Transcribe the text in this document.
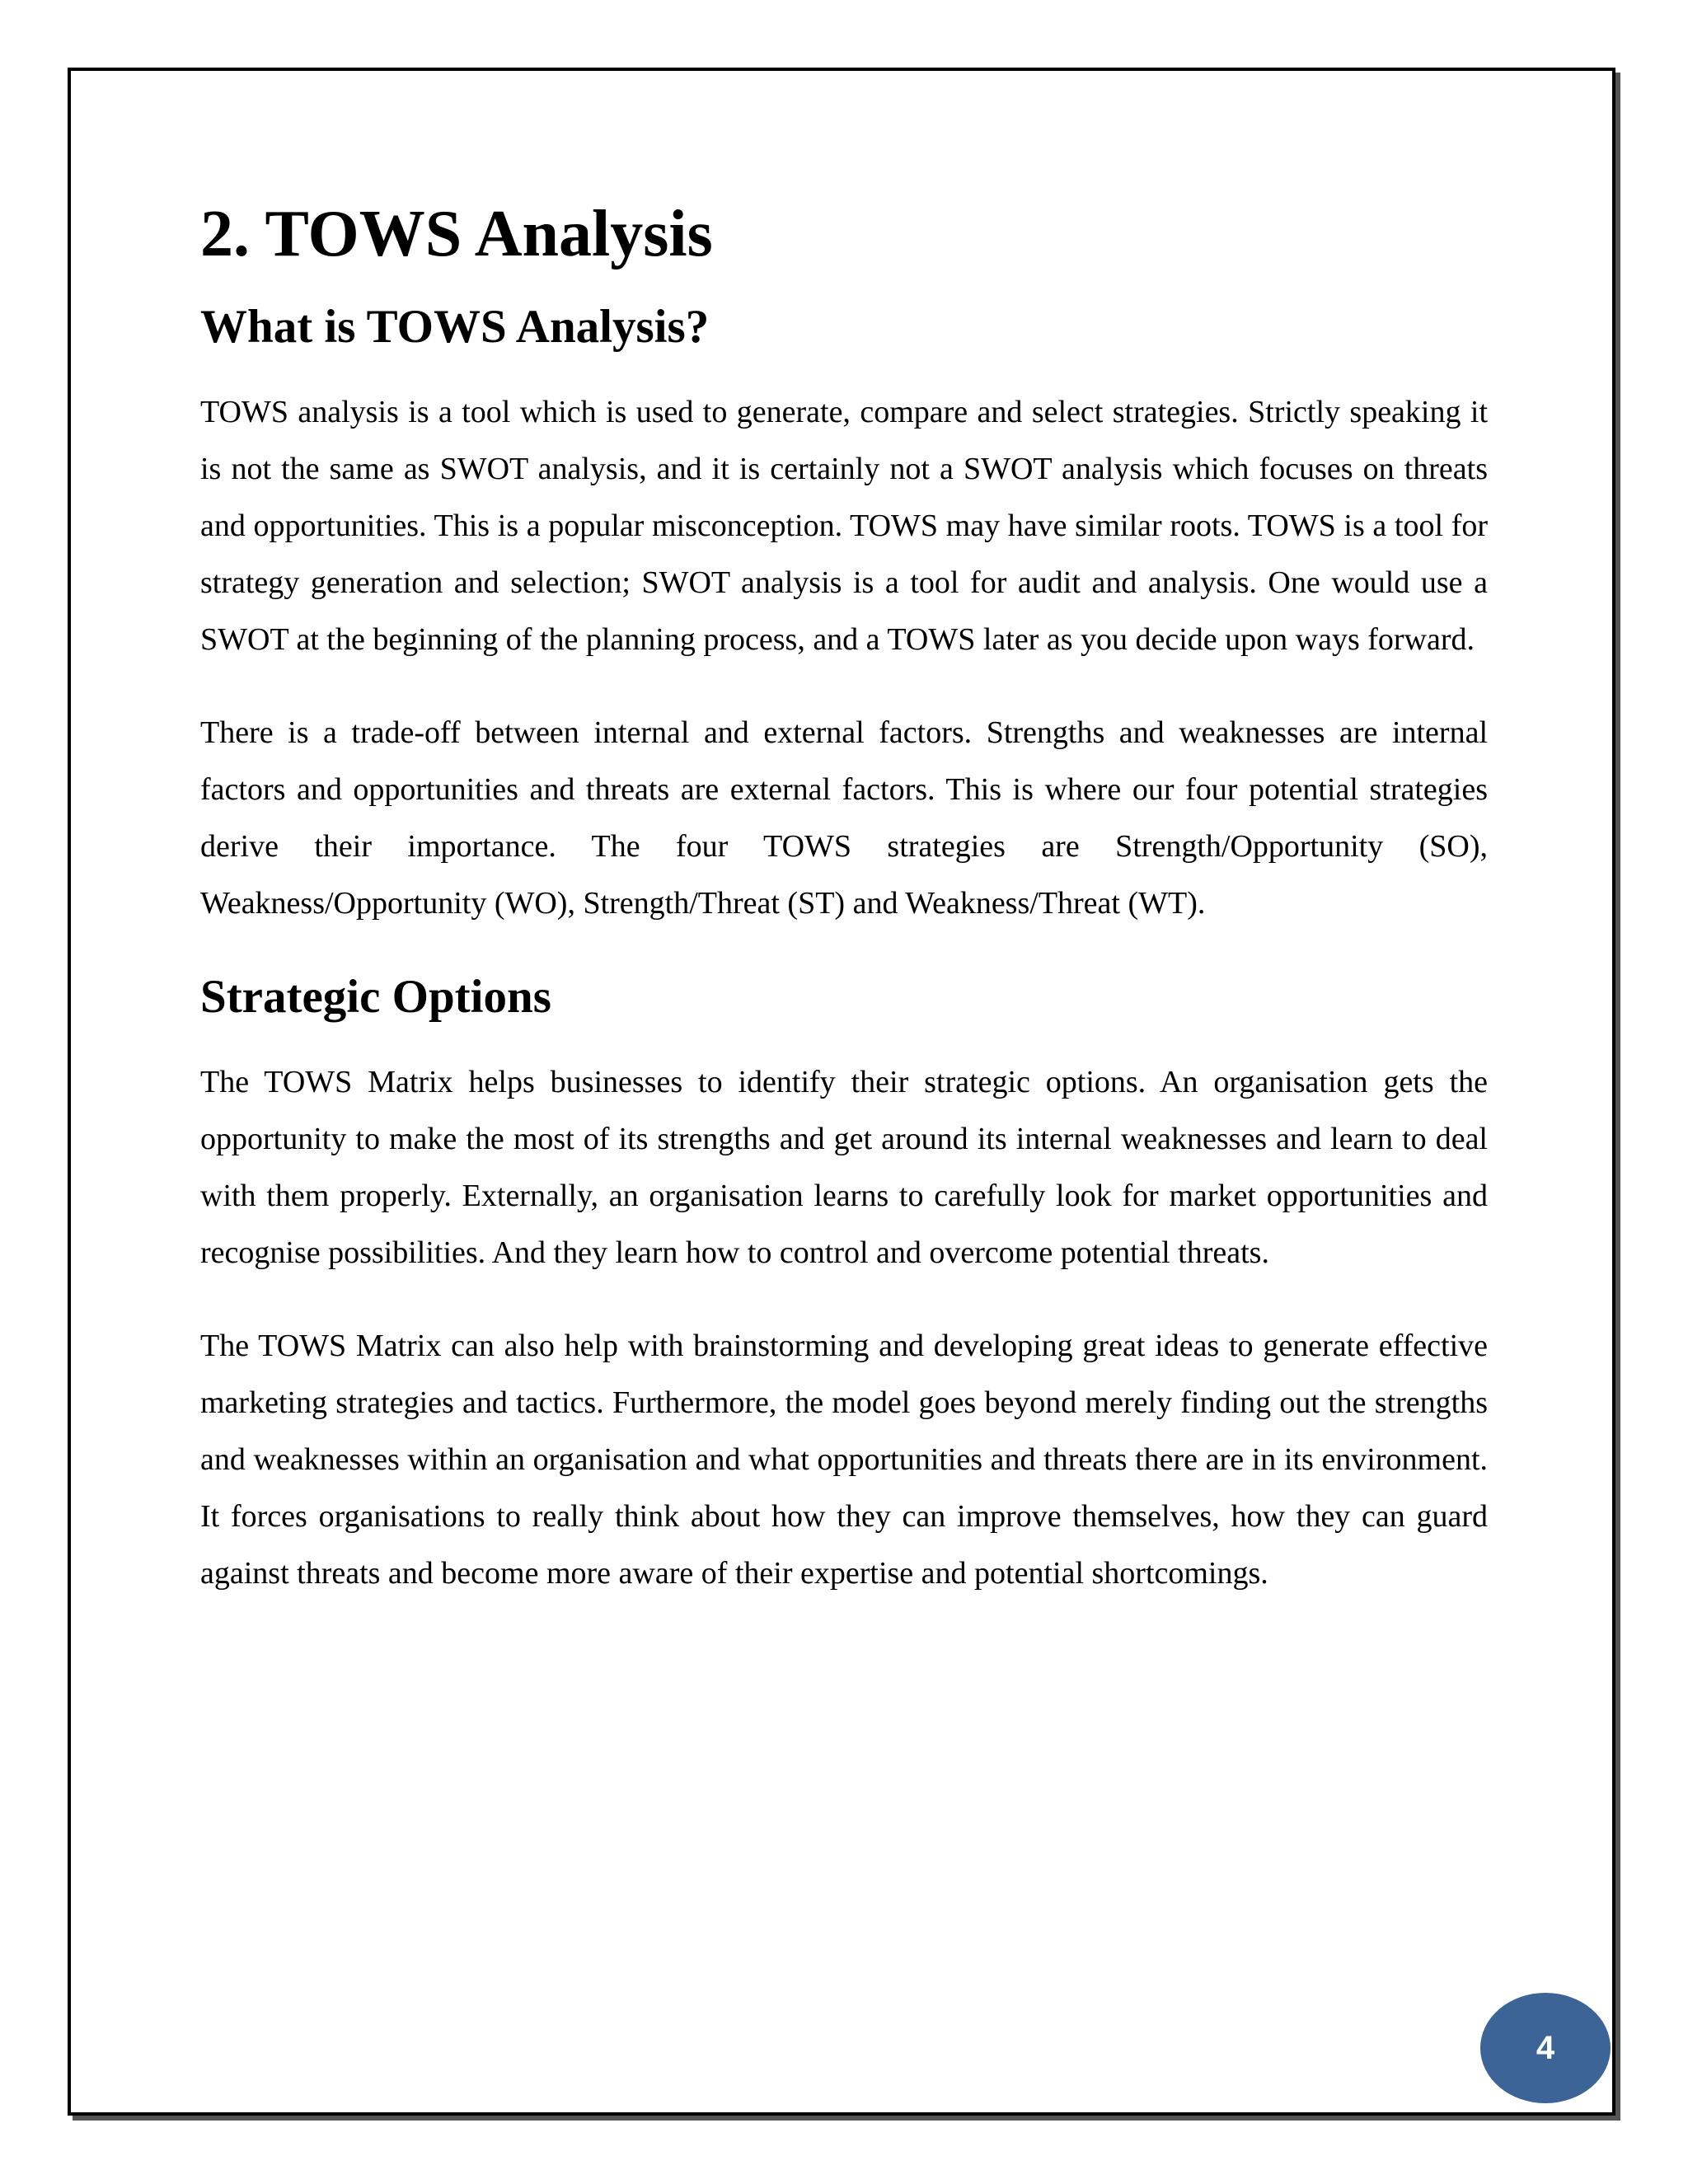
2. TOWS Analysis
What is TOWS Analysis?

TOWS analysis is a tool which is used to generate, compare and select strategies. Strictly speaking it is not the same as SWOT analysis, and it is certainly not a SWOT analysis which focuses on threats and opportunities. This is a popular misconception. TOWS may have similar roots. TOWS is a tool for strategy generation and selection; SWOT analysis is a tool for audit and analysis. One would use a SWOT at the beginning of the planning process, and a TOWS later as you decide upon ways forward.

There is a trade-off between internal and external factors. Strengths and weaknesses are internal factors and opportunities and threats are external factors. This is where our four potential strategies derive their importance. The four TOWS strategies are Strength/Opportunity (SO), Weakness/Opportunity (WO), Strength/Threat (ST) and Weakness/Threat (WT).

Strategic Options

The TOWS Matrix helps businesses to identify their strategic options. An organisation gets the opportunity to make the most of its strengths and get around its internal weaknesses and learn to deal with them properly. Externally, an organisation learns to carefully look for market opportunities and recognise possibilities. And they learn how to control and overcome potential threats.

The TOWS Matrix can also help with brainstorming and developing great ideas to generate effective marketing strategies and tactics. Furthermore, the model goes beyond merely finding out the strengths and weaknesses within an organisation and what opportunities and threats there are in its environment. It forces organisations to really think about how they can improve themselves, how they can guard against threats and become more aware of their expertise and potential shortcomings.

4
